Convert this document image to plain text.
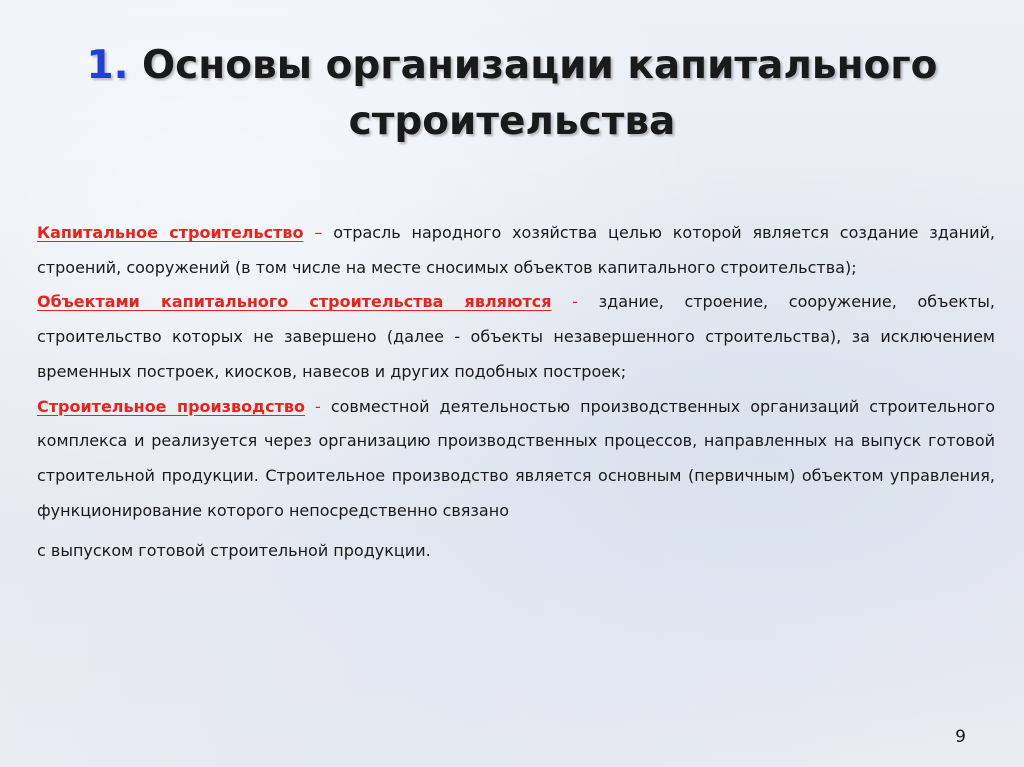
1. Основы организации капитального строительства

Капитальное строительство – отрасль народного хозяйства целью которой является создание зданий, строений, сооружений (в том числе на месте сносимых объектов капитального строительства);

Объектами капитального строительства являются - здание, строение, сооружение, объекты, строительство которых не завершено (далее - объекты незавершенного строительства), за исключением временных построек, киосков, навесов и других подобных построек;

Строительное производство - совместной деятельностью производственных организаций строительного комплекса и реализуется через организацию производственных процессов, направленных на выпуск готовой строительной продукции. Строительное производство является основным (первичным) объектом управления, функционирование которого непосредственно связано
с выпуском готовой строительной продукции.

9
